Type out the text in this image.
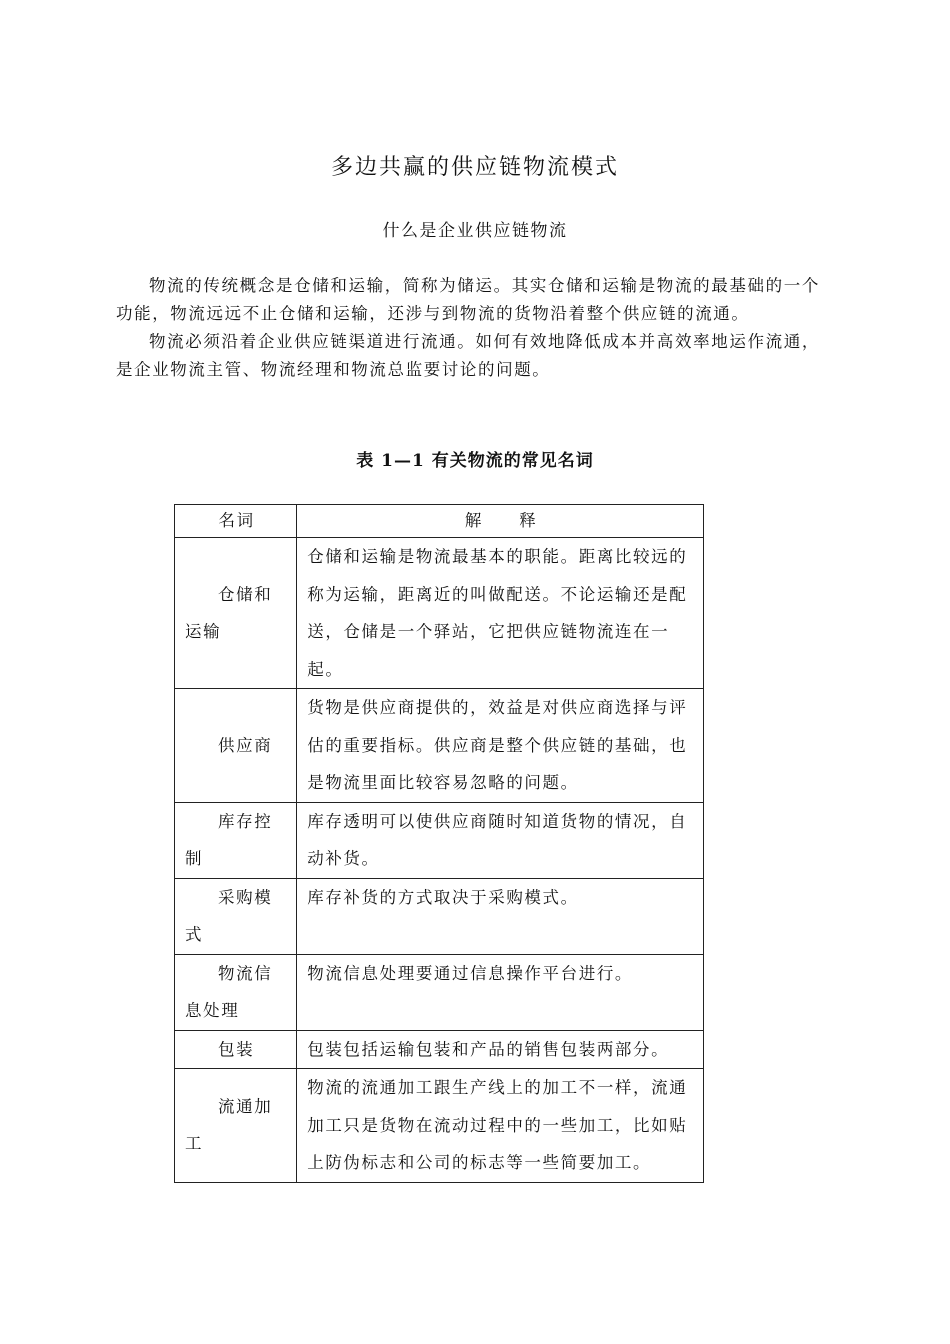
多边共赢的供应链物流模式
什么是企业供应链物流

物流的传统概念是仓储和运输，简称为储运。其实仓储和运输是物流的最基础的一个功能，物流远远不止仓储和运输，还涉与到物流的货物沿着整个供应链的流通。

物流必须沿着企业供应链渠道进行流通。如何有效地降低成本并高效率地运作流通，是企业物流主管、物流经理和物流总监要讨论的问题。

表 1—1 有关物流的常见名词
名词	解　　释
仓储和运输	仓储和运输是物流最基本的职能。距离比较远的称为运输，距离近的叫做配送。不论运输还是配送，仓储是一个驿站，它把供应链物流连在一起。
供应商	货物是供应商提供的，效益是对供应商选择与评估的重要指标。供应商是整个供应链的基础，也是物流里面比较容易忽略的问题。
库存控制	库存透明可以使供应商随时知道货物的情况，自动补货。
采购模式	库存补货的方式取决于采购模式。
物流信息处理	物流信息处理要通过信息操作平台进行。
包装	包装包括运输包装和产品的销售包装两部分。
流通加工	物流的流通加工跟生产线上的加工不一样，流通加工只是货物在流动过程中的一些加工，比如贴上防伪标志和公司的标志等一些简要加工。
